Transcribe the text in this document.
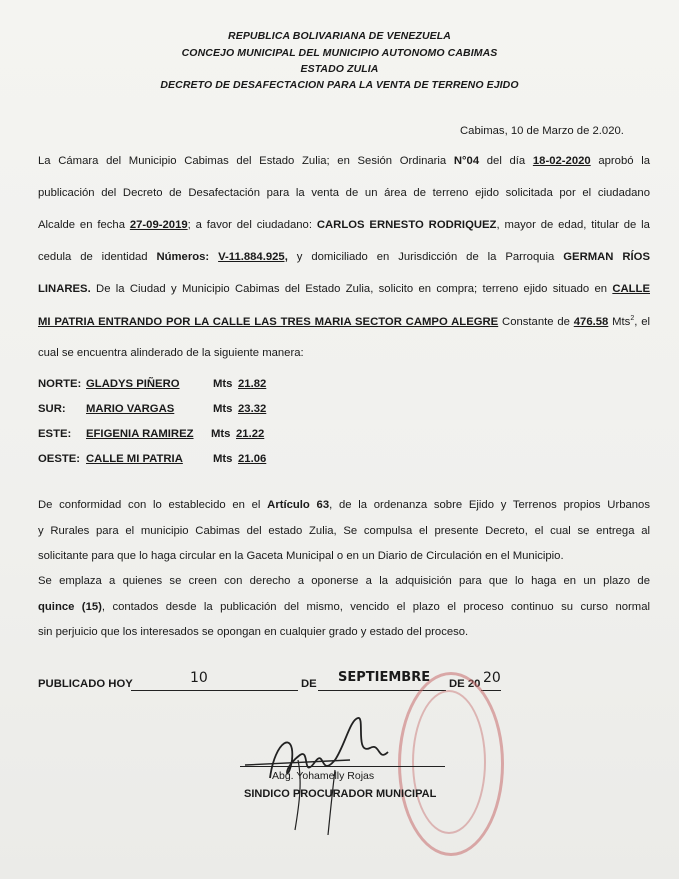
REPUBLICA BOLIVARIANA DE VENEZUELA
CONCEJO MUNICIPAL DEL MUNICIPIO AUTONOMO CABIMAS
ESTADO ZULIA
DECRETO DE DESAFECTACION PARA LA VENTA DE TERRENO EJIDO
Cabimas, 10 de Marzo de 2.020.
La Cámara del Municipio Cabimas del Estado Zulia; en Sesión Ordinaria N°04 del día 18-02-2020 aprobó la
publicación del Decreto de Desafectación para la venta de un área de terreno ejido solicitada por el ciudadano
Alcalde en fecha 27-09-2019; a favor del ciudadano: CARLOS ERNESTO RODRIQUEZ, mayor de edad, titular de la
cedula de identidad Números: V-11.884.925, y domiciliado en Jurisdicción de la Parroquia GERMAN RÍOS
LINARES. De la Ciudad y Municipio Cabimas del Estado Zulia, solicito en compra; terreno ejido situado en CALLE
MI PATRIA ENTRANDO POR LA CALLE LAS TRES MARIA SECTOR CAMPO ALEGRE Constante de 476.58 Mts$^2$, el
cual se encuentra alinderado de la siguiente manera:
NORTE: GLADYS PIÑERO	Mts 21.82
SUR: MARIO VARGAS	Mts 23.32
ESTE: EFIGENIA RAMIREZ Mts 21.22
OESTE: CALLE MI PATRIA	Mts 21.06
De conformidad con lo establecido en el Artículo 63, de la ordenanza sobre Ejido y Terrenos propios Urbanos
y Rurales para el municipio Cabimas del estado Zulia, Se compulsa el presente Decreto, el cual se entrega al
solicitante para que lo haga circular en la Gaceta Municipal o en un Diario de Circulación en el Municipio.
Se emplaza a quienes se creen con derecho a oponerse a la adquisición para que lo haga en un plazo de
quince (15), contados desde la publicación del mismo, vencido el plazo el proceso continuo su curso normal
sin perjuicio que los interesados se opongan en cualquier grado y estado del proceso.
PUBLICADO HOY	10	DE SEPTIEMBRE DE 20 20
Abg. Yohamelly Rojas
SINDICO PROCURADOR MUNICIPAL
